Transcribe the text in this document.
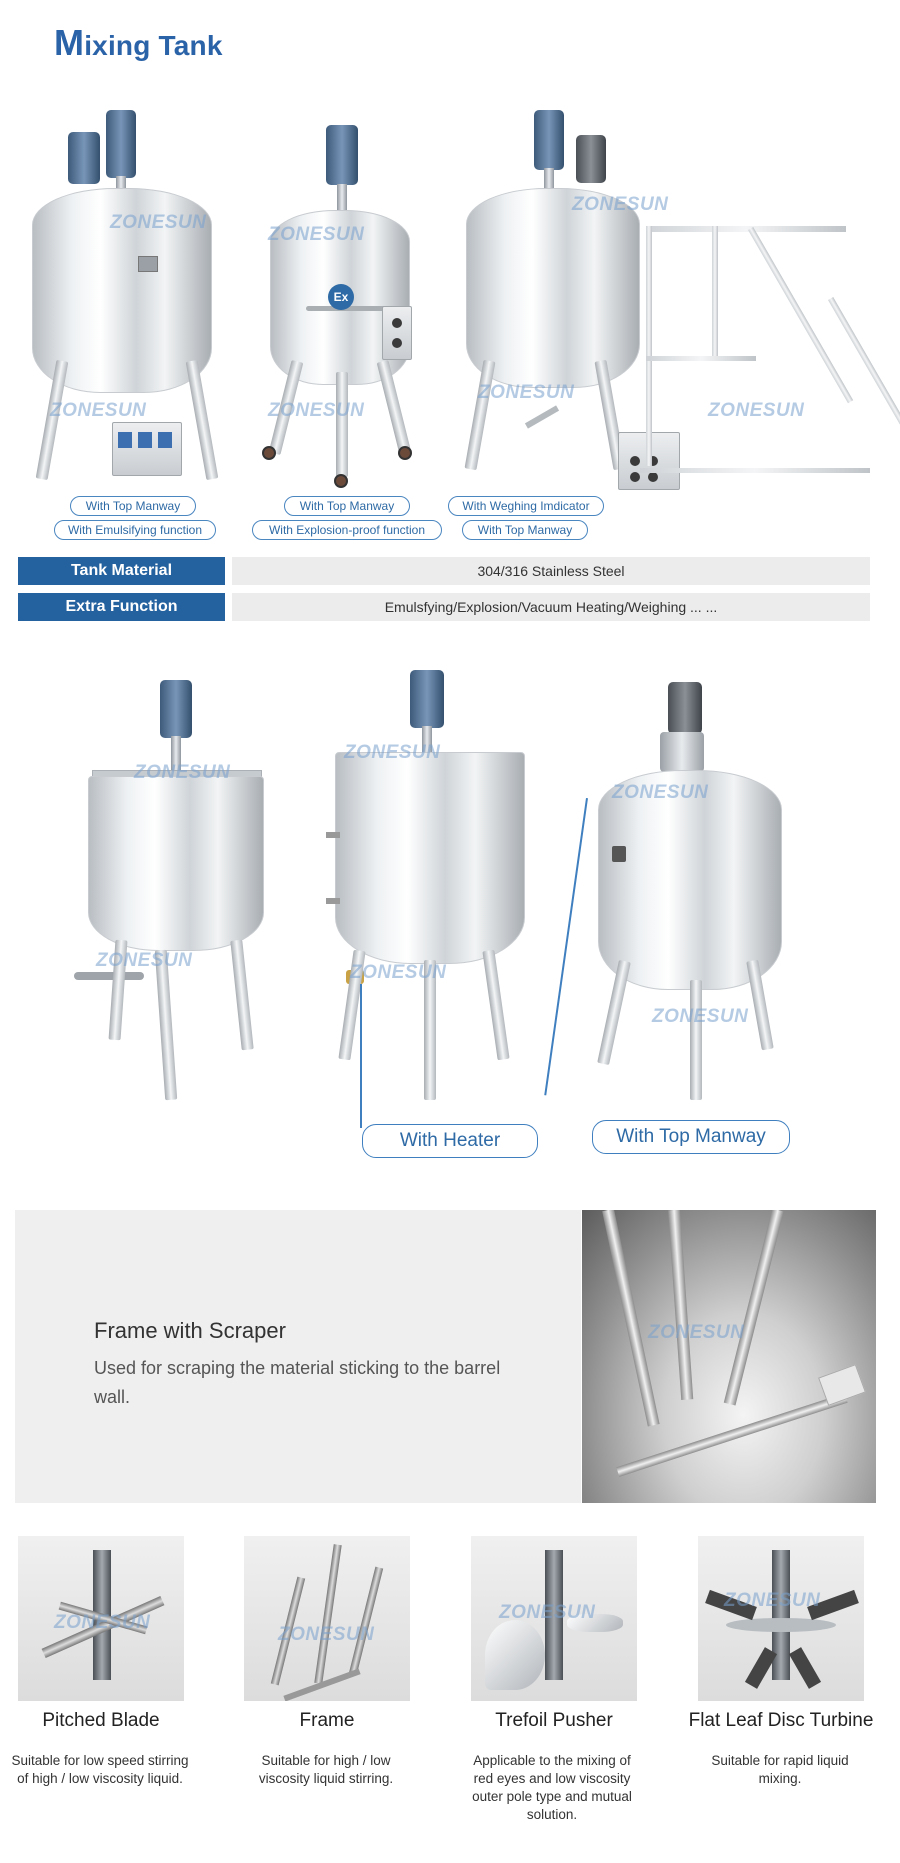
Mixing Tank
ZONESUN
ZONESUN
Ex
ZONESUN
ZONESUN
ZONESUN
ZONESUN
ZONESUN
With Top Manway
With Emulsifying function
With Top Manway
With Explosion-proof function
With Weghing Imdicator
With Top Manway
Tank Material	304/316 Stainless Steel
Extra Function	Emulsfying/Explosion/Vacuum Heating/Weighing ... ...
ZONESUN
ZONESUN
ZONESUN
ZONESUN
ZONESUN
ZONESUN
With Heater	With Top Manway
Frame with Scraper
Used for scraping the material sticking to the barrel wall.
ZONESUN
ZONESUN
Pitched Blade
Suitable for low speed stirring of high / low viscosity liquid.
ZONESUN
Frame
Suitable for high / low viscosity liquid stirring.
ZONESUN
Trefoil Pusher
Applicable to the mixing of red eyes and low viscosity outer pole type and mutual solution.
ZONESUN
Flat Leaf Disc Turbine
Suitable for rapid liquid mixing.
